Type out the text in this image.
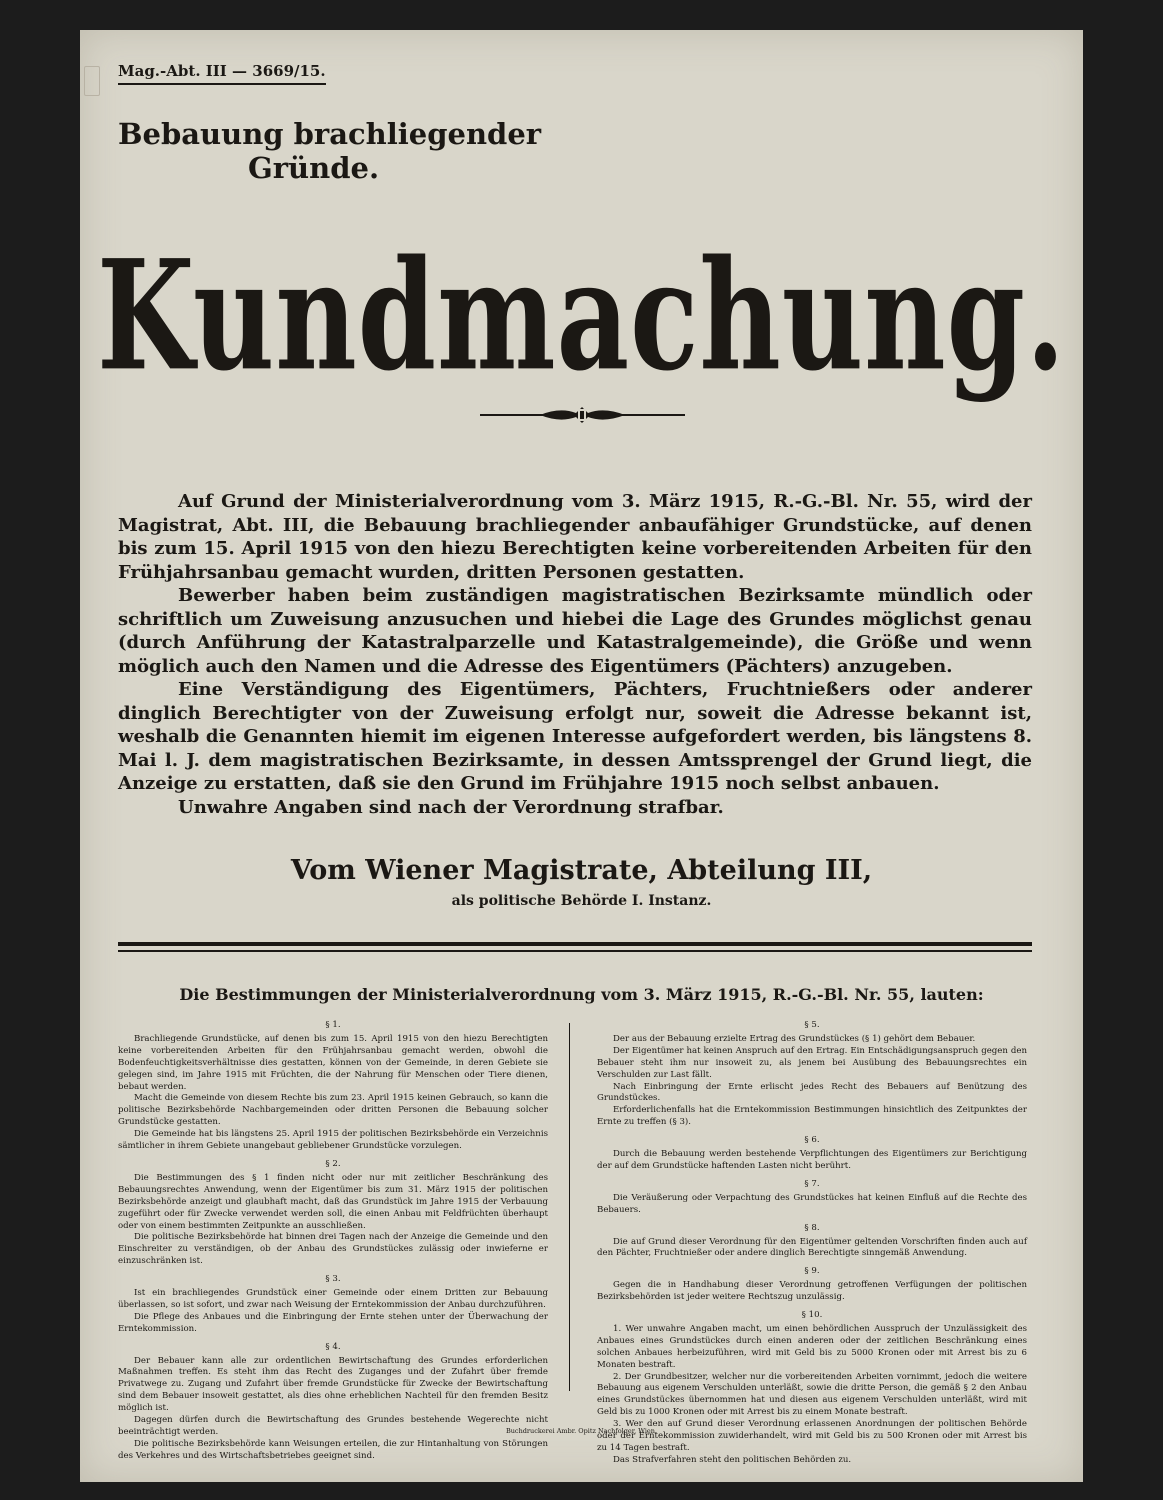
Mag.-Abt. III — 3669/15.
Bebauung brachliegender
Gründe.
Kundmachung.

Auf Grund der Ministerialverordnung vom 3. März 1915, R.-G.-Bl. Nr. 55, wird der Magistrat, Abt. III, die Bebauung brachliegender anbaufähiger Grundstücke, auf denen bis zum 15. April 1915 von den hiezu Berechtigten keine vorbereitenden Arbeiten für den Frühjahrsanbau gemacht wurden, dritten Personen gestatten.

Bewerber haben beim zuständigen magistratischen Bezirksamte mündlich oder schriftlich um Zuweisung anzusuchen und hiebei die Lage des Grundes möglichst genau (durch Anführung der Katastralparzelle und Katastralgemeinde), die Größe und wenn möglich auch den Namen und die Adresse des Eigentümers (Pächters) anzugeben.

Eine Verständigung des Eigentümers, Pächters, Fruchtnießers oder anderer dinglich Berechtigter von der Zuweisung erfolgt nur, soweit die Adresse bekannt ist, weshalb die Genannten hiemit im eigenen Interesse aufgefordert werden, bis längstens 8. Mai l. J. dem magistratischen Bezirksamte, in dessen Amtssprengel der Grund liegt, die Anzeige zu erstatten, daß sie den Grund im Frühjahre 1915 noch selbst anbauen.

Unwahre Angaben sind nach der Verordnung strafbar.

Vom Wiener Magistrate, Abteilung III,
als politische Behörde I. Instanz.
Die Bestimmungen der Ministerialverordnung vom 3. März 1915, R.-G.-Bl. Nr. 55, lauten:
§ 1.

Brachliegende Grundstücke, auf denen bis zum 15. April 1915 von den hiezu Berechtigten keine vorbereitenden Arbeiten für den Frühjahrsanbau gemacht werden, obwohl die Bodenfeuchtigkeitsverhältnisse dies gestatten, können von der Gemeinde, in deren Gebiete sie gelegen sind, im Jahre 1915 mit Früchten, die der Nahrung für Menschen oder Tiere dienen, bebaut werden.

Macht die Gemeinde von diesem Rechte bis zum 23. April 1915 keinen Gebrauch, so kann die politische Bezirksbehörde Nachbargemeinden oder dritten Personen die Bebauung solcher Grundstücke gestatten.

Die Gemeinde hat bis längstens 25. April 1915 der politischen Bezirksbehörde ein Verzeichnis sämtlicher in ihrem Gebiete unangebaut gebliebener Grundstücke vorzulegen.

§ 2.

Die Bestimmungen des § 1 finden nicht oder nur mit zeitlicher Beschränkung des Bebauungsrechtes Anwendung, wenn der Eigentümer bis zum 31. März 1915 der politischen Bezirksbehörde anzeigt und glaubhaft macht, daß das Grundstück im Jahre 1915 der Verbauung zugeführt oder für Zwecke verwendet werden soll, die einen Anbau mit Feldfrüchten überhaupt oder von einem bestimmten Zeitpunkte an ausschließen.

Die politische Bezirksbehörde hat binnen drei Tagen nach der Anzeige die Gemeinde und den Einschreiter zu verständigen, ob der Anbau des Grundstückes zulässig oder inwieferne er einzuschränken ist.

§ 3.

Ist ein brachliegendes Grundstück einer Gemeinde oder einem Dritten zur Bebauung überlassen, so ist sofort, und zwar nach Weisung der Erntekommission der Anbau durchzuführen.

Die Pflege des Anbaues und die Einbringung der Ernte stehen unter der Überwachung der Erntekommission.

§ 4.

Der Bebauer kann alle zur ordentlichen Bewirtschaftung des Grundes erforderlichen Maßnahmen treffen. Es steht ihm das Recht des Zuganges und der Zufahrt über fremde Privatwege zu. Zugang und Zufahrt über fremde Grundstücke für Zwecke der Bewirtschaftung sind dem Bebauer insoweit gestattet, als dies ohne erheblichen Nachteil für den fremden Besitz möglich ist.

Dagegen dürfen durch die Bewirtschaftung des Grundes bestehende Wegerechte nicht beeinträchtigt werden.

Die politische Bezirksbehörde kann Weisungen erteilen, die zur Hintanhaltung von Störungen des Verkehres und des Wirtschaftsbetriebes geeignet sind.

§ 5.

Der aus der Bebauung erzielte Ertrag des Grundstückes (§ 1) gehört dem Bebauer.

Der Eigentümer hat keinen Anspruch auf den Ertrag. Ein Entschädigungsanspruch gegen den Bebauer steht ihm nur insoweit zu, als jenem bei Ausübung des Bebauungsrechtes ein Verschulden zur Last fällt.

Nach Einbringung der Ernte erlischt jedes Recht des Bebauers auf Benützung des Grundstückes.

Erforderlichenfalls hat die Erntekommission Bestimmungen hinsichtlich des Zeitpunktes der Ernte zu treffen (§ 3).

§ 6.

Durch die Bebauung werden bestehende Verpflichtungen des Eigentümers zur Berichtigung der auf dem Grundstücke haftenden Lasten nicht berührt.

§ 7.

Die Veräußerung oder Verpachtung des Grundstückes hat keinen Einfluß auf die Rechte des Bebauers.

§ 8.

Die auf Grund dieser Verordnung für den Eigentümer geltenden Vorschriften finden auch auf den Pächter, Fruchtnießer oder andere dinglich Berechtigte sinngemäß Anwendung.

§ 9.

Gegen die in Handhabung dieser Verordnung getroffenen Verfügungen der politischen Bezirksbehörden ist jeder weitere Rechtszug unzulässig.

§ 10.

1. Wer unwahre Angaben macht, um einen behördlichen Ausspruch der Unzulässigkeit des Anbaues eines Grundstückes durch einen anderen oder der zeitlichen Beschränkung eines solchen Anbaues herbeizuführen, wird mit Geld bis zu 5000 Kronen oder mit Arrest bis zu 6 Monaten bestraft.

2. Der Grundbesitzer, welcher nur die vorbereitenden Arbeiten vornimmt, jedoch die weitere Bebauung aus eigenem Verschulden unterläßt, sowie die dritte Person, die gemäß § 2 den Anbau eines Grundstückes übernommen hat und diesen aus eigenem Verschulden unterläßt, wird mit Geld bis zu 1000 Kronen oder mit Arrest bis zu einem Monate bestraft.

3. Wer den auf Grund dieser Verordnung erlassenen Anordnungen der politischen Behörde oder der Erntekommission zuwiderhandelt, wird mit Geld bis zu 500 Kronen oder mit Arrest bis zu 14 Tagen bestraft.

Das Strafverfahren steht den politischen Behörden zu.

Buchdruckerei Ambr. Opitz Nachfolger, Wien.
